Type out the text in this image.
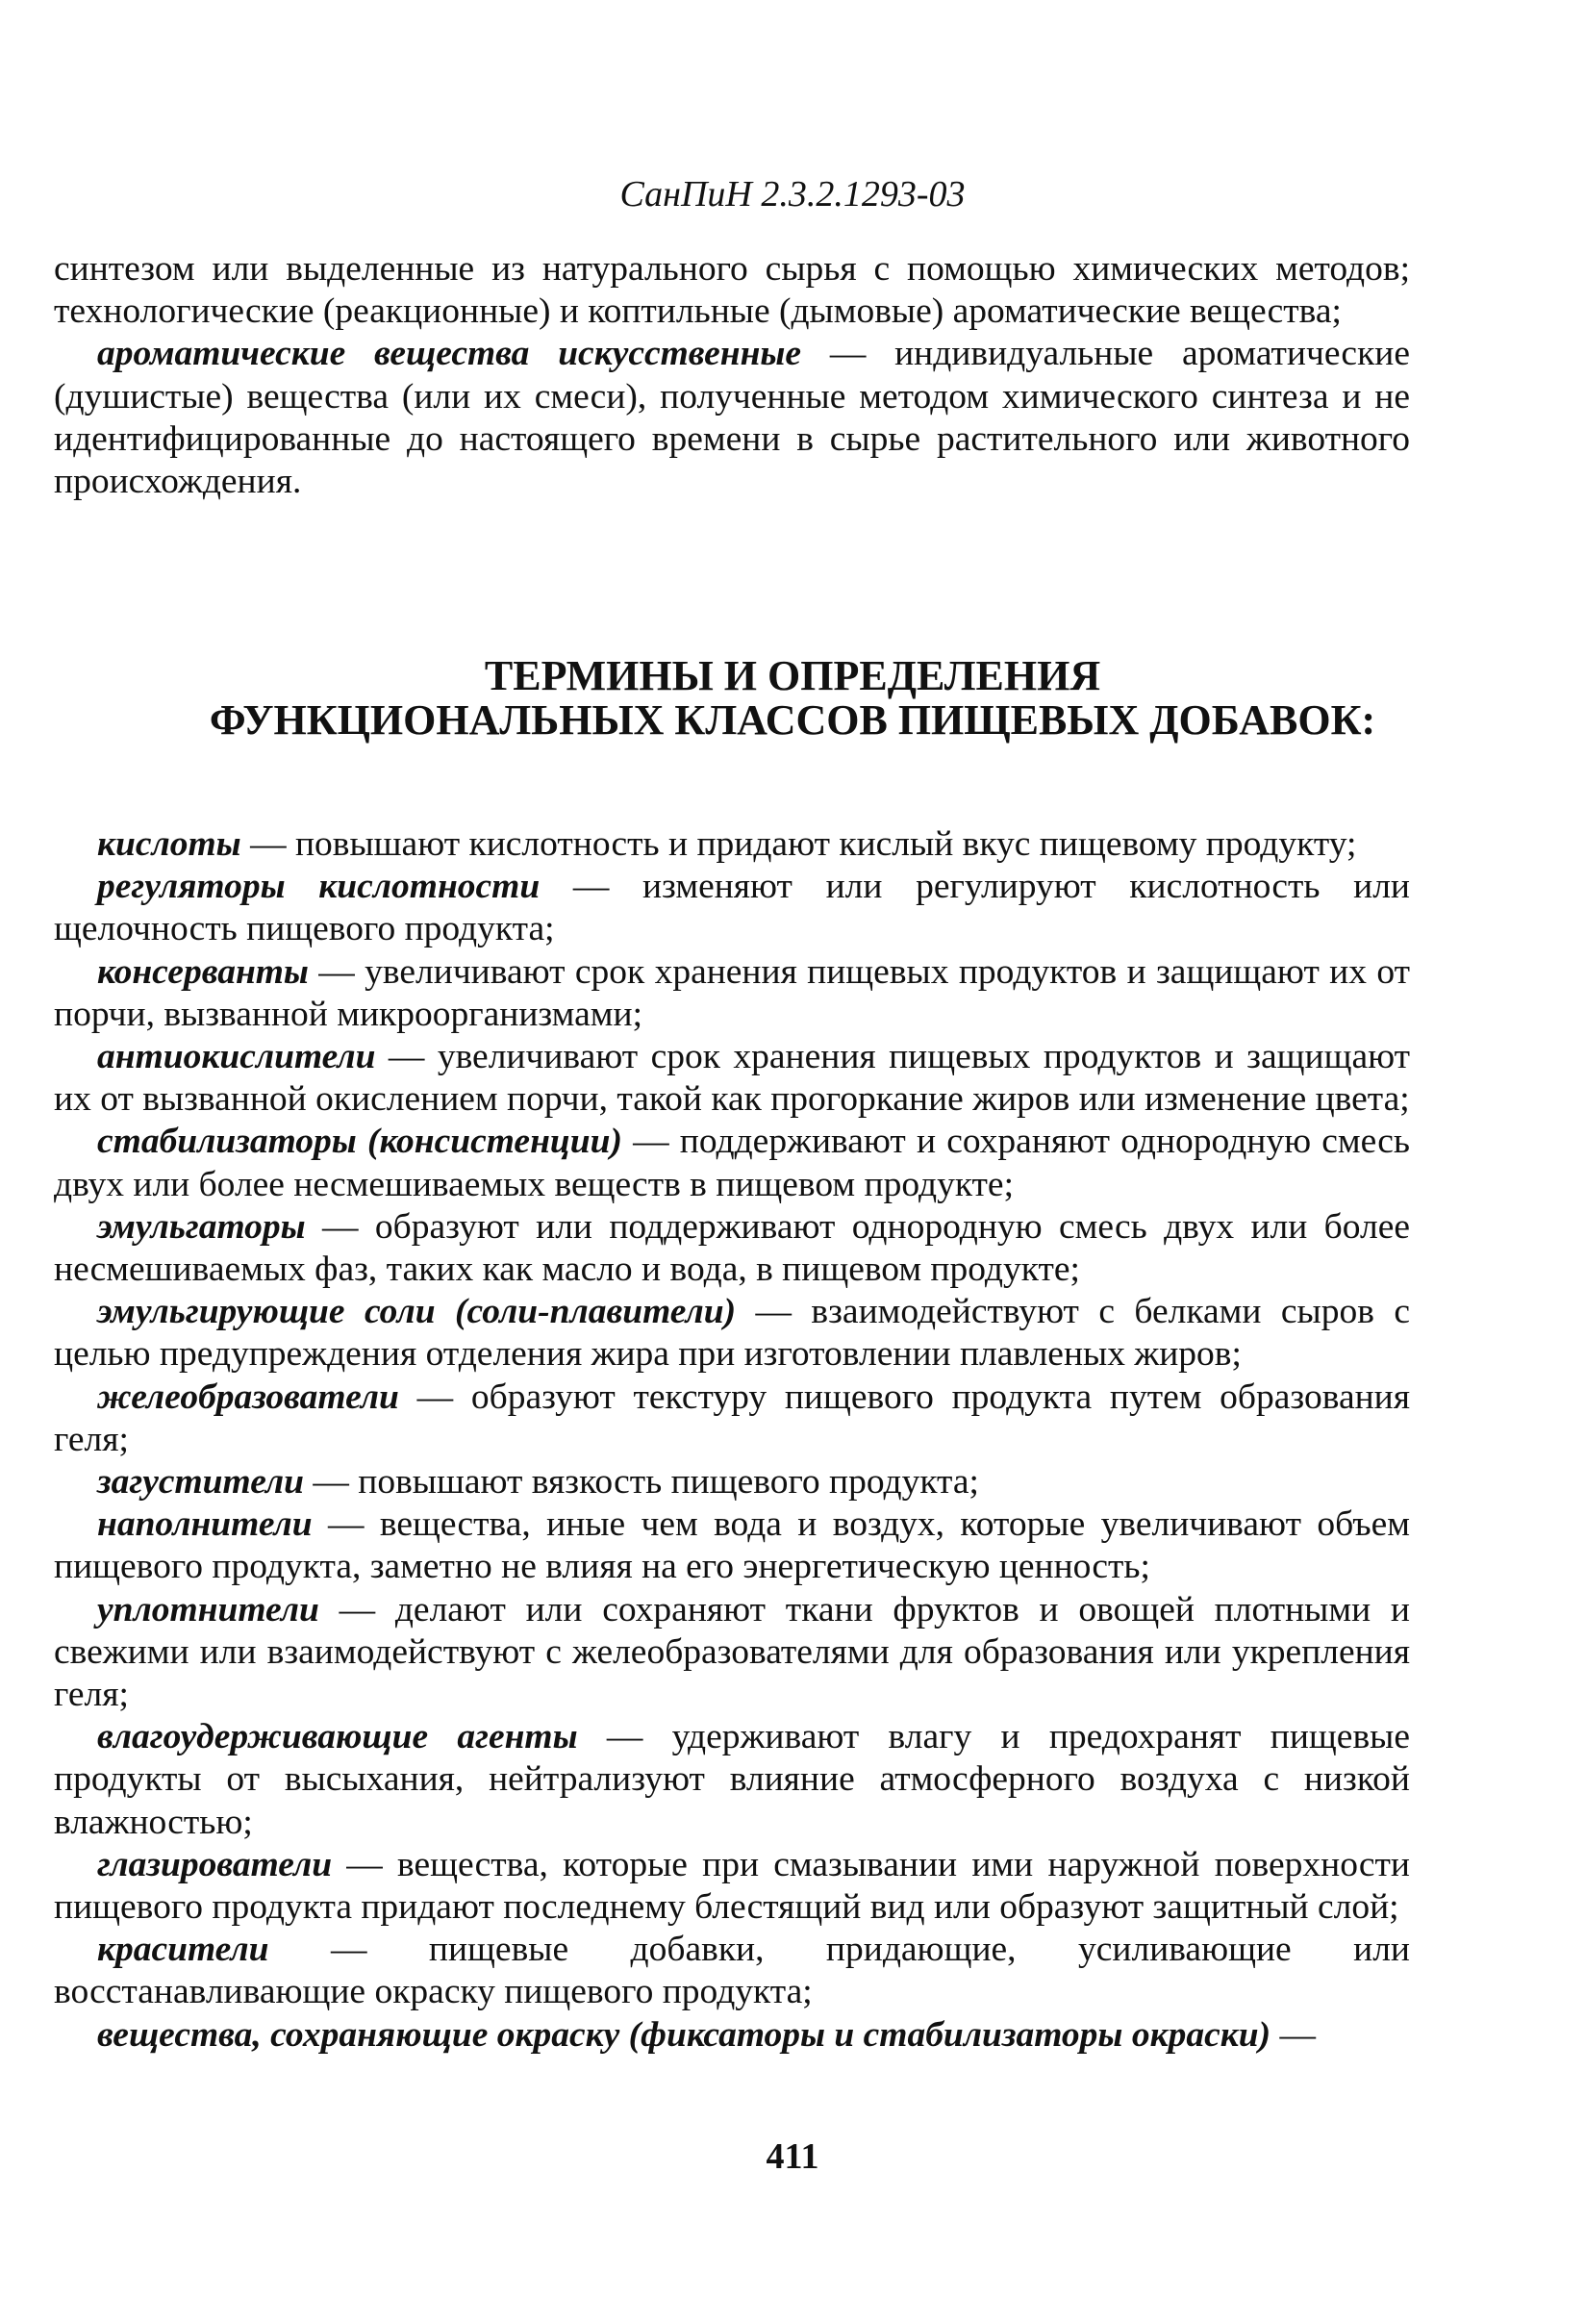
СанПиН 2.3.2.1293-03

синтезом или выделенные из натурального сырья с помощью химических методов; технологические (реакционные) и коптильные (дымовые) ароматические вещества;

ароматические вещества искусственные — индивидуальные ароматические (душистые) вещества (или их смеси), полученные методом химического синтеза и не идентифицированные до настоящего времени в сырье растительного или животного происхождения.

ТЕРМИНЫ И ОПРЕДЕЛЕНИЯ
ФУНКЦИОНАЛЬНЫХ КЛАССОВ ПИЩЕВЫХ ДОБАВОК:

кислоты — повышают кислотность и придают кислый вкус пищевому продукту;

регуляторы кислотности — изменяют или регулируют кислотность или щелочность пищевого продукта;

консерванты — увеличивают срок хранения пищевых продуктов и защищают их от порчи, вызванной микроорганизмами;

антиокислители — увеличивают срок хранения пищевых продуктов и защищают их от вызванной окислением порчи, такой как прогоркание жиров или изменение цвета;

стабилизаторы (консистенции) — поддерживают и сохраняют однородную смесь двух или более несмешиваемых веществ в пищевом продукте;

эмульгаторы — образуют или поддерживают однородную смесь двух или более несмешиваемых фаз, таких как масло и вода, в пищевом продукте;

эмульгирующие соли (соли-плавители) — взаимодействуют с белками сыров с целью предупреждения отделения жира при изготовлении плавленых жиров;

желеобразователи — образуют текстуру пищевого продукта путем образования геля;

загустители — повышают вязкость пищевого продукта;

наполнители — вещества, иные чем вода и воздух, которые увеличивают объем пищевого продукта, заметно не влияя на его энергетическую ценность;

уплотнители — делают или сохраняют ткани фруктов и овощей плотными и свежими или взаимодействуют с желеобразователями для образования или укрепления геля;

влагоудерживающие агенты — удерживают влагу и предохранят пищевые продукты от высыхания, нейтрализуют влияние атмосферного воздуха с низкой влажностью;

глазирователи — вещества, которые при смазывании ими наружной поверхности пищевого продукта придают последнему блестящий вид или образуют защитный слой;

красители — пищевые добавки, придающие, усиливающие или восстанавливающие окраску пищевого продукта;

вещества, сохраняющие окраску (фиксаторы и стабилизаторы окраски) —

411
